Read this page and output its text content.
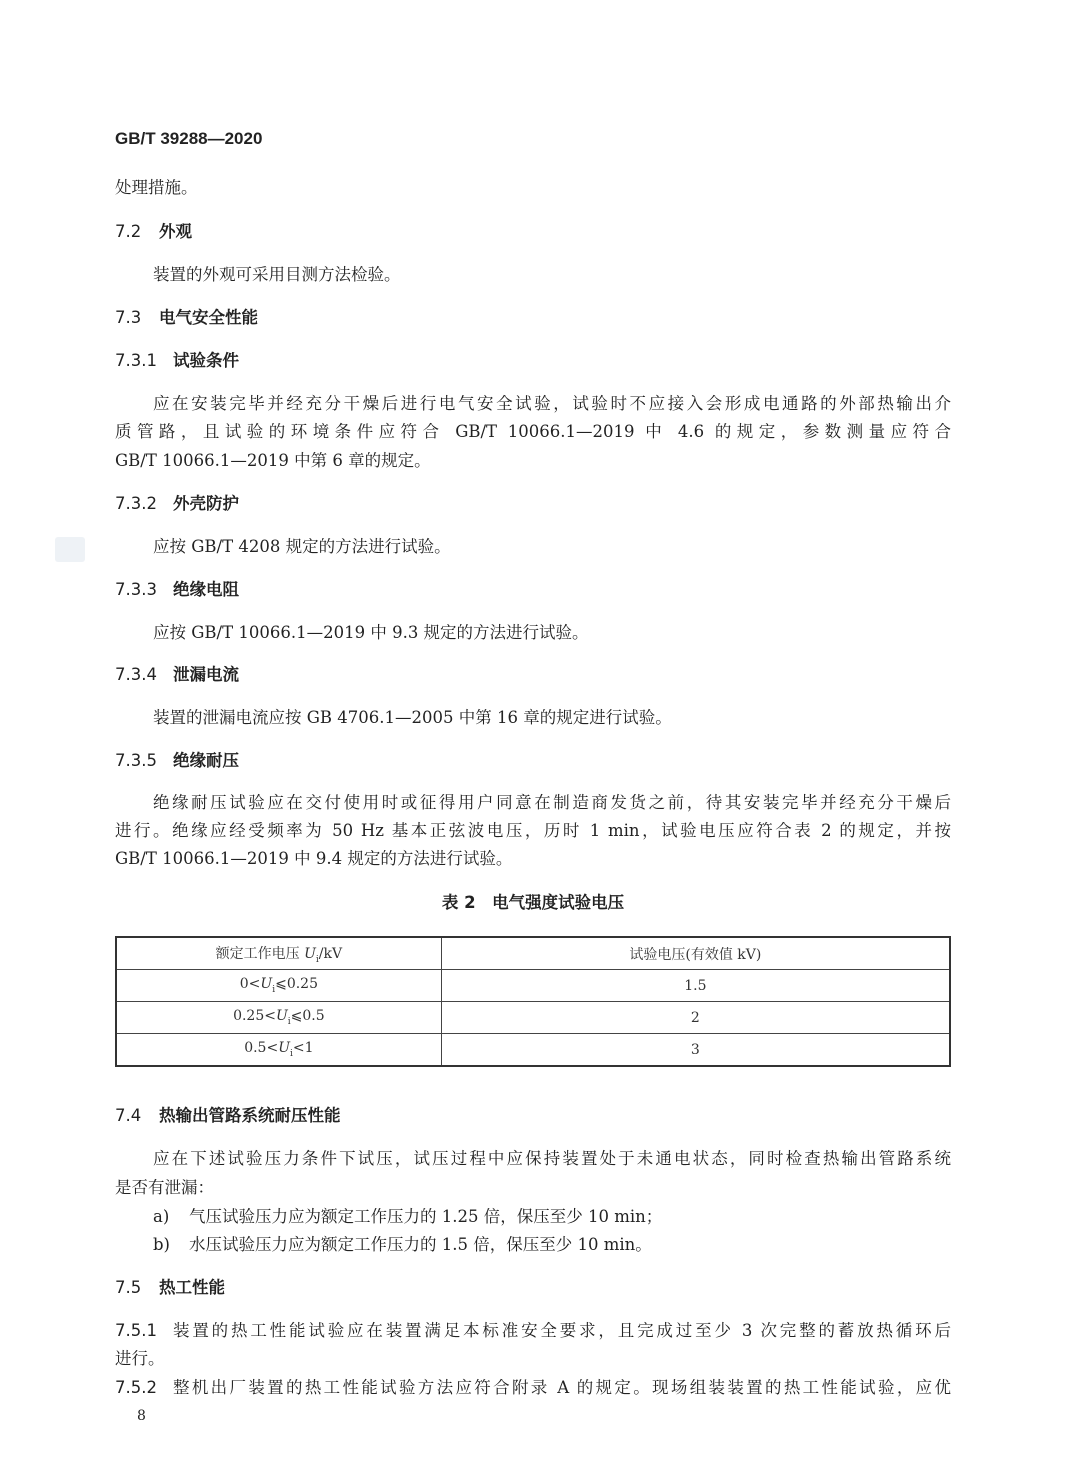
GB/T 39288—2020
处理措施。
7.2 外观
装置的外观可采用目测方法检验。
7.3 电气安全性能
7.3.1 试验条件
应在安装完毕并经充分干燥后进行电气安全试验，试验时不应接入会形成电通路的外部热输出介
质管路，且试验的环境条件应符合 GB/T 10066.1—2019 中 4.6 的规定，参数测量应符合
GB/T 10066.1—2019 中第 6 章的规定。
7.3.2 外壳防护
应按 GB/T 4208 规定的方法进行试验。
7.3.3 绝缘电阻
应按 GB/T 10066.1—2019 中 9.3 规定的方法进行试验。
7.3.4 泄漏电流
装置的泄漏电流应按 GB 4706.1—2005 中第 16 章的规定进行试验。
7.3.5 绝缘耐压
绝缘耐压试验应在交付使用时或征得用户同意在制造商发货之前，待其安装完毕并经充分干燥后
进行。绝缘应经受频率为 50 Hz 基本正弦波电压，历时 1 min，试验电压应符合表 2 的规定，并按
GB/T 10066.1—2019 中 9.4 规定的方法进行试验。
表 2　电气强度试验电压
额定工作电压 $U_i/kV$	试验电压(有效值 kV)
$0<U_i⩽0.25$	1.5
$0.25<U_i⩽0.5$	2
$0.5<U_i<1$	3
7.4 热输出管路系统耐压性能
应在下述试验压力条件下试压，试压过程中应保持装置处于未通电状态，同时检查热输出管路系统
是否有泄漏：
a) 气压试验压力应为额定工作压力的 1.25 倍，保压至少 10 min；
b) 水压试验压力应为额定工作压力的 1.5 倍，保压至少 10 min。
7.5 热工性能
7.5.1 装置的热工性能试验应在装置满足本标准安全要求，且完成过至少 3 次完整的蓄放热循环后
进行。
7.5.2 整机出厂装置的热工性能试验方法应符合附录 A 的规定。现场组装装置的热工性能试验，应优
8
